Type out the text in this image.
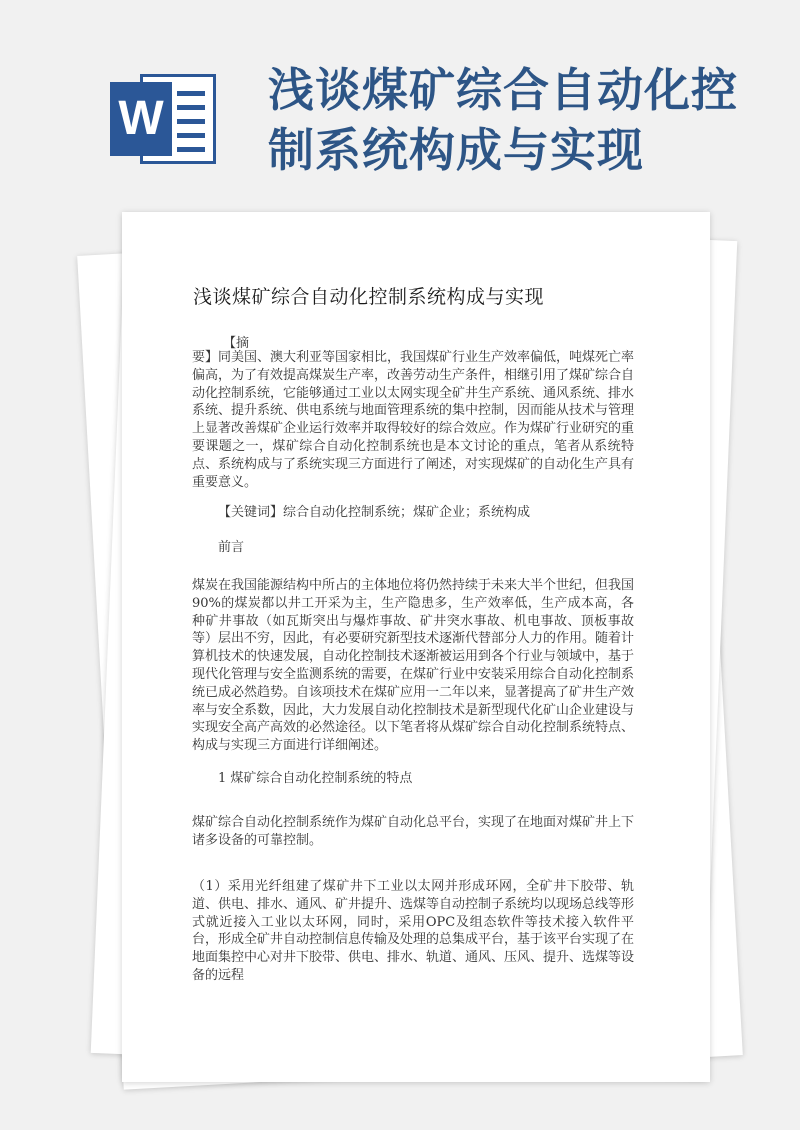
W
浅谈煤矿综合自动化控
制系统构成与实现
浅谈煤矿综合自动化控制系统构成与实现
【摘

要】同美国、澳大利亚等国家相比，我国煤矿行业生产效率偏低，吨煤死亡率偏高，为了有效提高煤炭生产率，改善劳动生产条件，相继引用了煤矿综合自动化控制系统，它能够通过工业以太网实现全矿井生产系统、通风系统、排水系统、提升系统、供电系统与地面管理系统的集中控制，因而能从技术与管理上显著改善煤矿企业运行效率并取得较好的综合效应。作为煤矿行业研究的重要课题之一，煤矿综合自动化控制系统也是本文讨论的重点，笔者从系统特点、系统构成与了系统实现三方面进行了阐述，对实现煤矿的自动化生产具有重要意义。

【关键词】综合自动化控制系统；煤矿企业；系统构成

前言

煤炭在我国能源结构中所占的主体地位将仍然持续于未来大半个世纪，但我国90%的煤炭都以井工开采为主，生产隐患多，生产效率低，生产成本高，各种矿井事故（如瓦斯突出与爆炸事故、矿井突水事故、机电事故、顶板事故等）层出不穷，因此，有必要研究新型技术逐渐代替部分人力的作用。随着计算机技术的快速发展，自动化控制技术逐渐被运用到各个行业与领域中，基于现代化管理与安全监测系统的需要，在煤矿行业中安装采用综合自动化控制系统已成必然趋势。自该项技术在煤矿应用一二年以来，显著提高了矿井生产效率与安全系数，因此，大力发展自动化控制技术是新型现代化矿山企业建设与实现安全高产高效的必然途径。以下笔者将从煤矿综合自动化控制系统特点、构成与实现三方面进行详细阐述。

1 煤矿综合自动化控制系统的特点

煤矿综合自动化控制系统作为煤矿自动化总平台，实现了在地面对煤矿井上下诸多设备的可靠控制。

（1）采用光纤组建了煤矿井下工业以太网并形成环网，全矿井下胶带、轨道、供电、排水、通风、矿井提升、选煤等自动控制子系统均以现场总线等形式就近接入工业以太环网，同时，采用OPC及组态软件等技术接入软件平台，形成全矿井自动控制信息传输及处理的总集成平台，基于该平台实现了在地面集控中心对井下胶带、供电、排水、轨道、通风、压风、提升、选煤等设备的远程
